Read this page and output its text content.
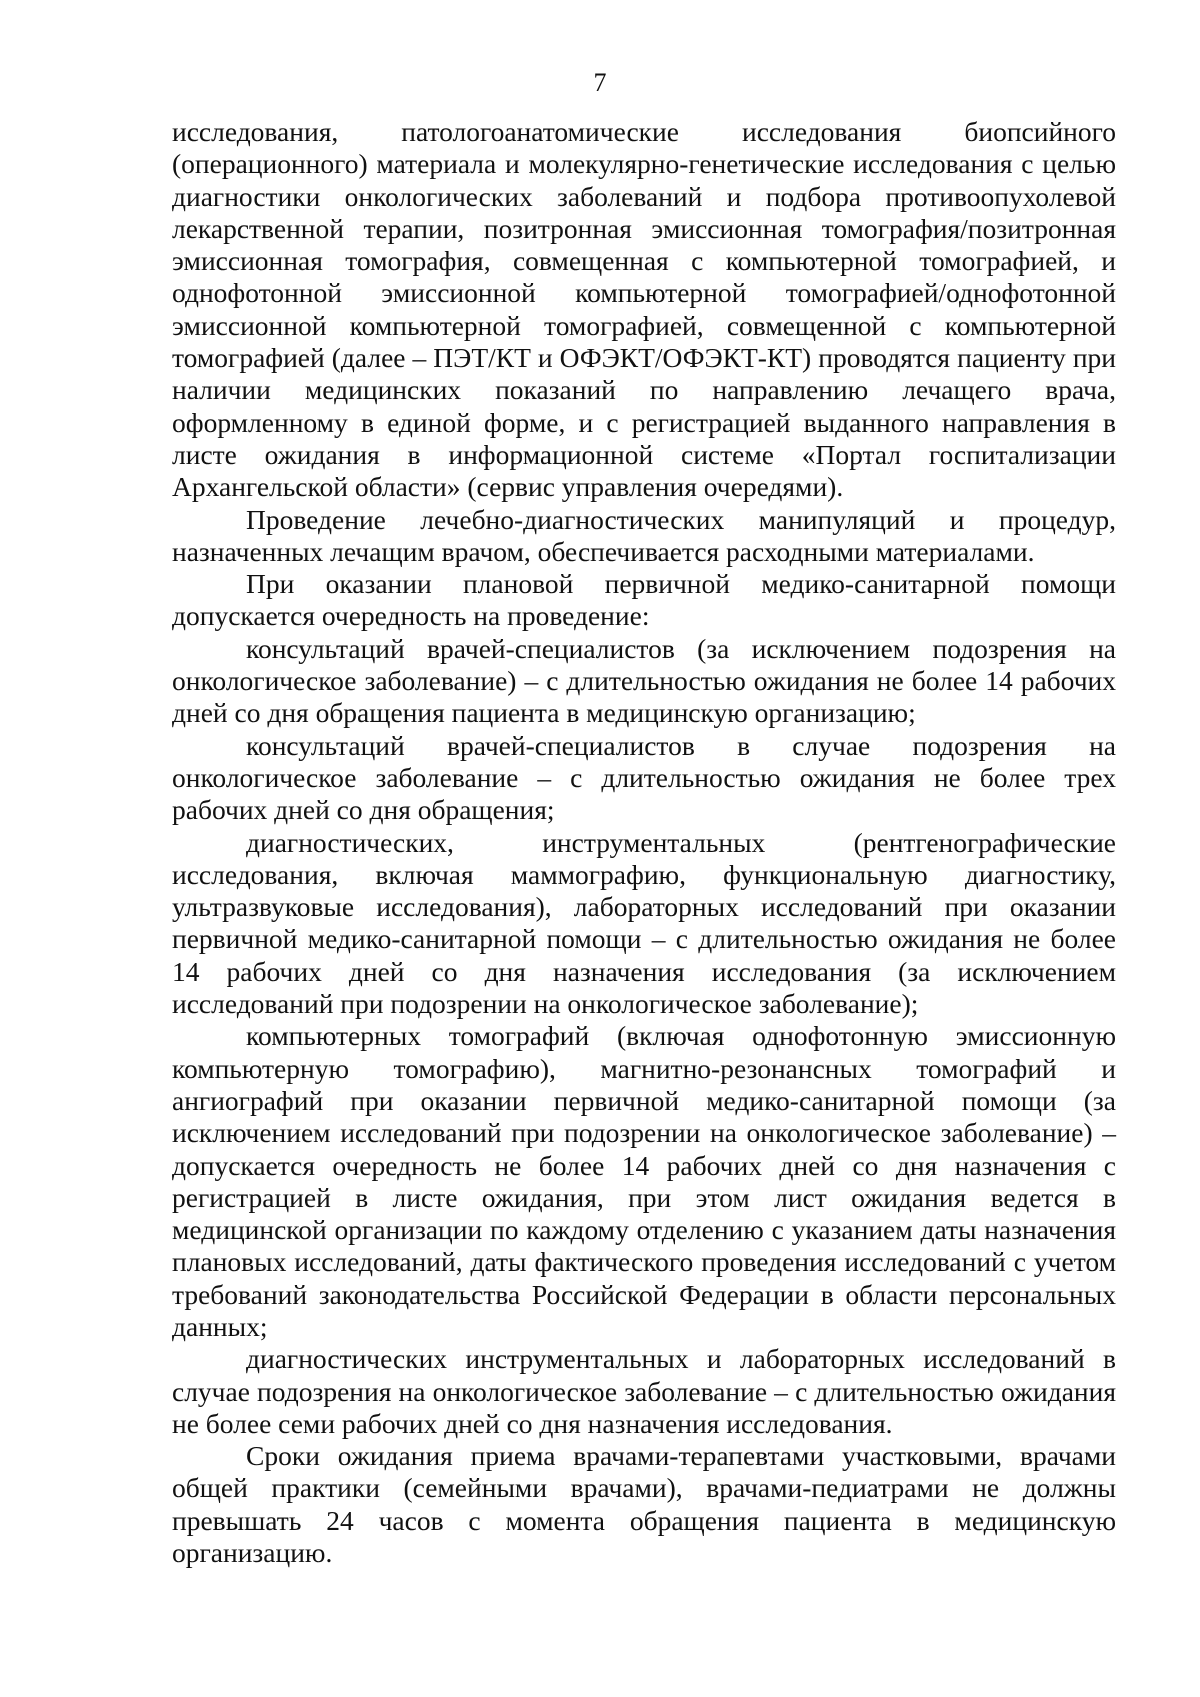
7

исследования, патологоанатомические исследования биопсийного (операционного) материала и молекулярно-генетические исследования с целью диагностики онкологических заболеваний и подбора противоопухолевой лекарственной терапии, позитронная эмиссионная томография/позитронная эмиссионная томография, совмещенная с компьютерной томографией, и однофотонной эмиссионной компьютерной томографией/однофотонной эмиссионной компьютерной томографией, совмещенной с компьютерной томографией (далее – ПЭТ/КТ и ОФЭКТ/ОФЭКТ-КТ) проводятся пациенту при наличии медицинских показаний по направлению лечащего врача, оформленному в единой форме, и с регистрацией выданного направления в листе ожидания в информационной системе «Портал госпитализации Архангельской области» (сервис управления очередями).

Проведение лечебно-диагностических манипуляций и процедур, назначенных лечащим врачом, обеспечивается расходными материалами.

При оказании плановой первичной медико-санитарной помощи допускается очередность на проведение:

консультаций врачей-специалистов (за исключением подозрения на онкологическое заболевание) – с длительностью ожидания не более 14 рабочих дней со дня обращения пациента в медицинскую организацию;

консультаций врачей-специалистов в случае подозрения на онкологическое заболевание – с длительностью ожидания не более трех рабочих дней со дня обращения;

диагностических, инструментальных (рентгенографические исследования, включая маммографию, функциональную диагностику, ультразвуковые исследования), лабораторных исследований при оказании первичной медико-санитарной помощи – с длительностью ожидания не более 14 рабочих дней со дня назначения исследования (за исключением исследований при подозрении на онкологическое заболевание);

компьютерных томографий (включая однофотонную эмиссионную компьютерную томографию), магнитно-резонансных томографий и ангиографий при оказании первичной медико-санитарной помощи (за исключением исследований при подозрении на онкологическое заболевание) – допускается очередность не более 14 рабочих дней со дня назначения с регистрацией в листе ожидания, при этом лист ожидания ведется в медицинской организации по каждому отделению с указанием даты назначения плановых исследований, даты фактического проведения исследований с учетом требований законодательства Российской Федерации в области персональных данных;

диагностических инструментальных и лабораторных исследований в случае подозрения на онкологическое заболевание – с длительностью ожидания не более семи рабочих дней со дня назначения исследования.

Сроки ожидания приема врачами-терапевтами участковыми, врачами общей практики (семейными врачами), врачами-педиатрами не должны превышать 24 часов с момента обращения пациента в медицинскую организацию.
